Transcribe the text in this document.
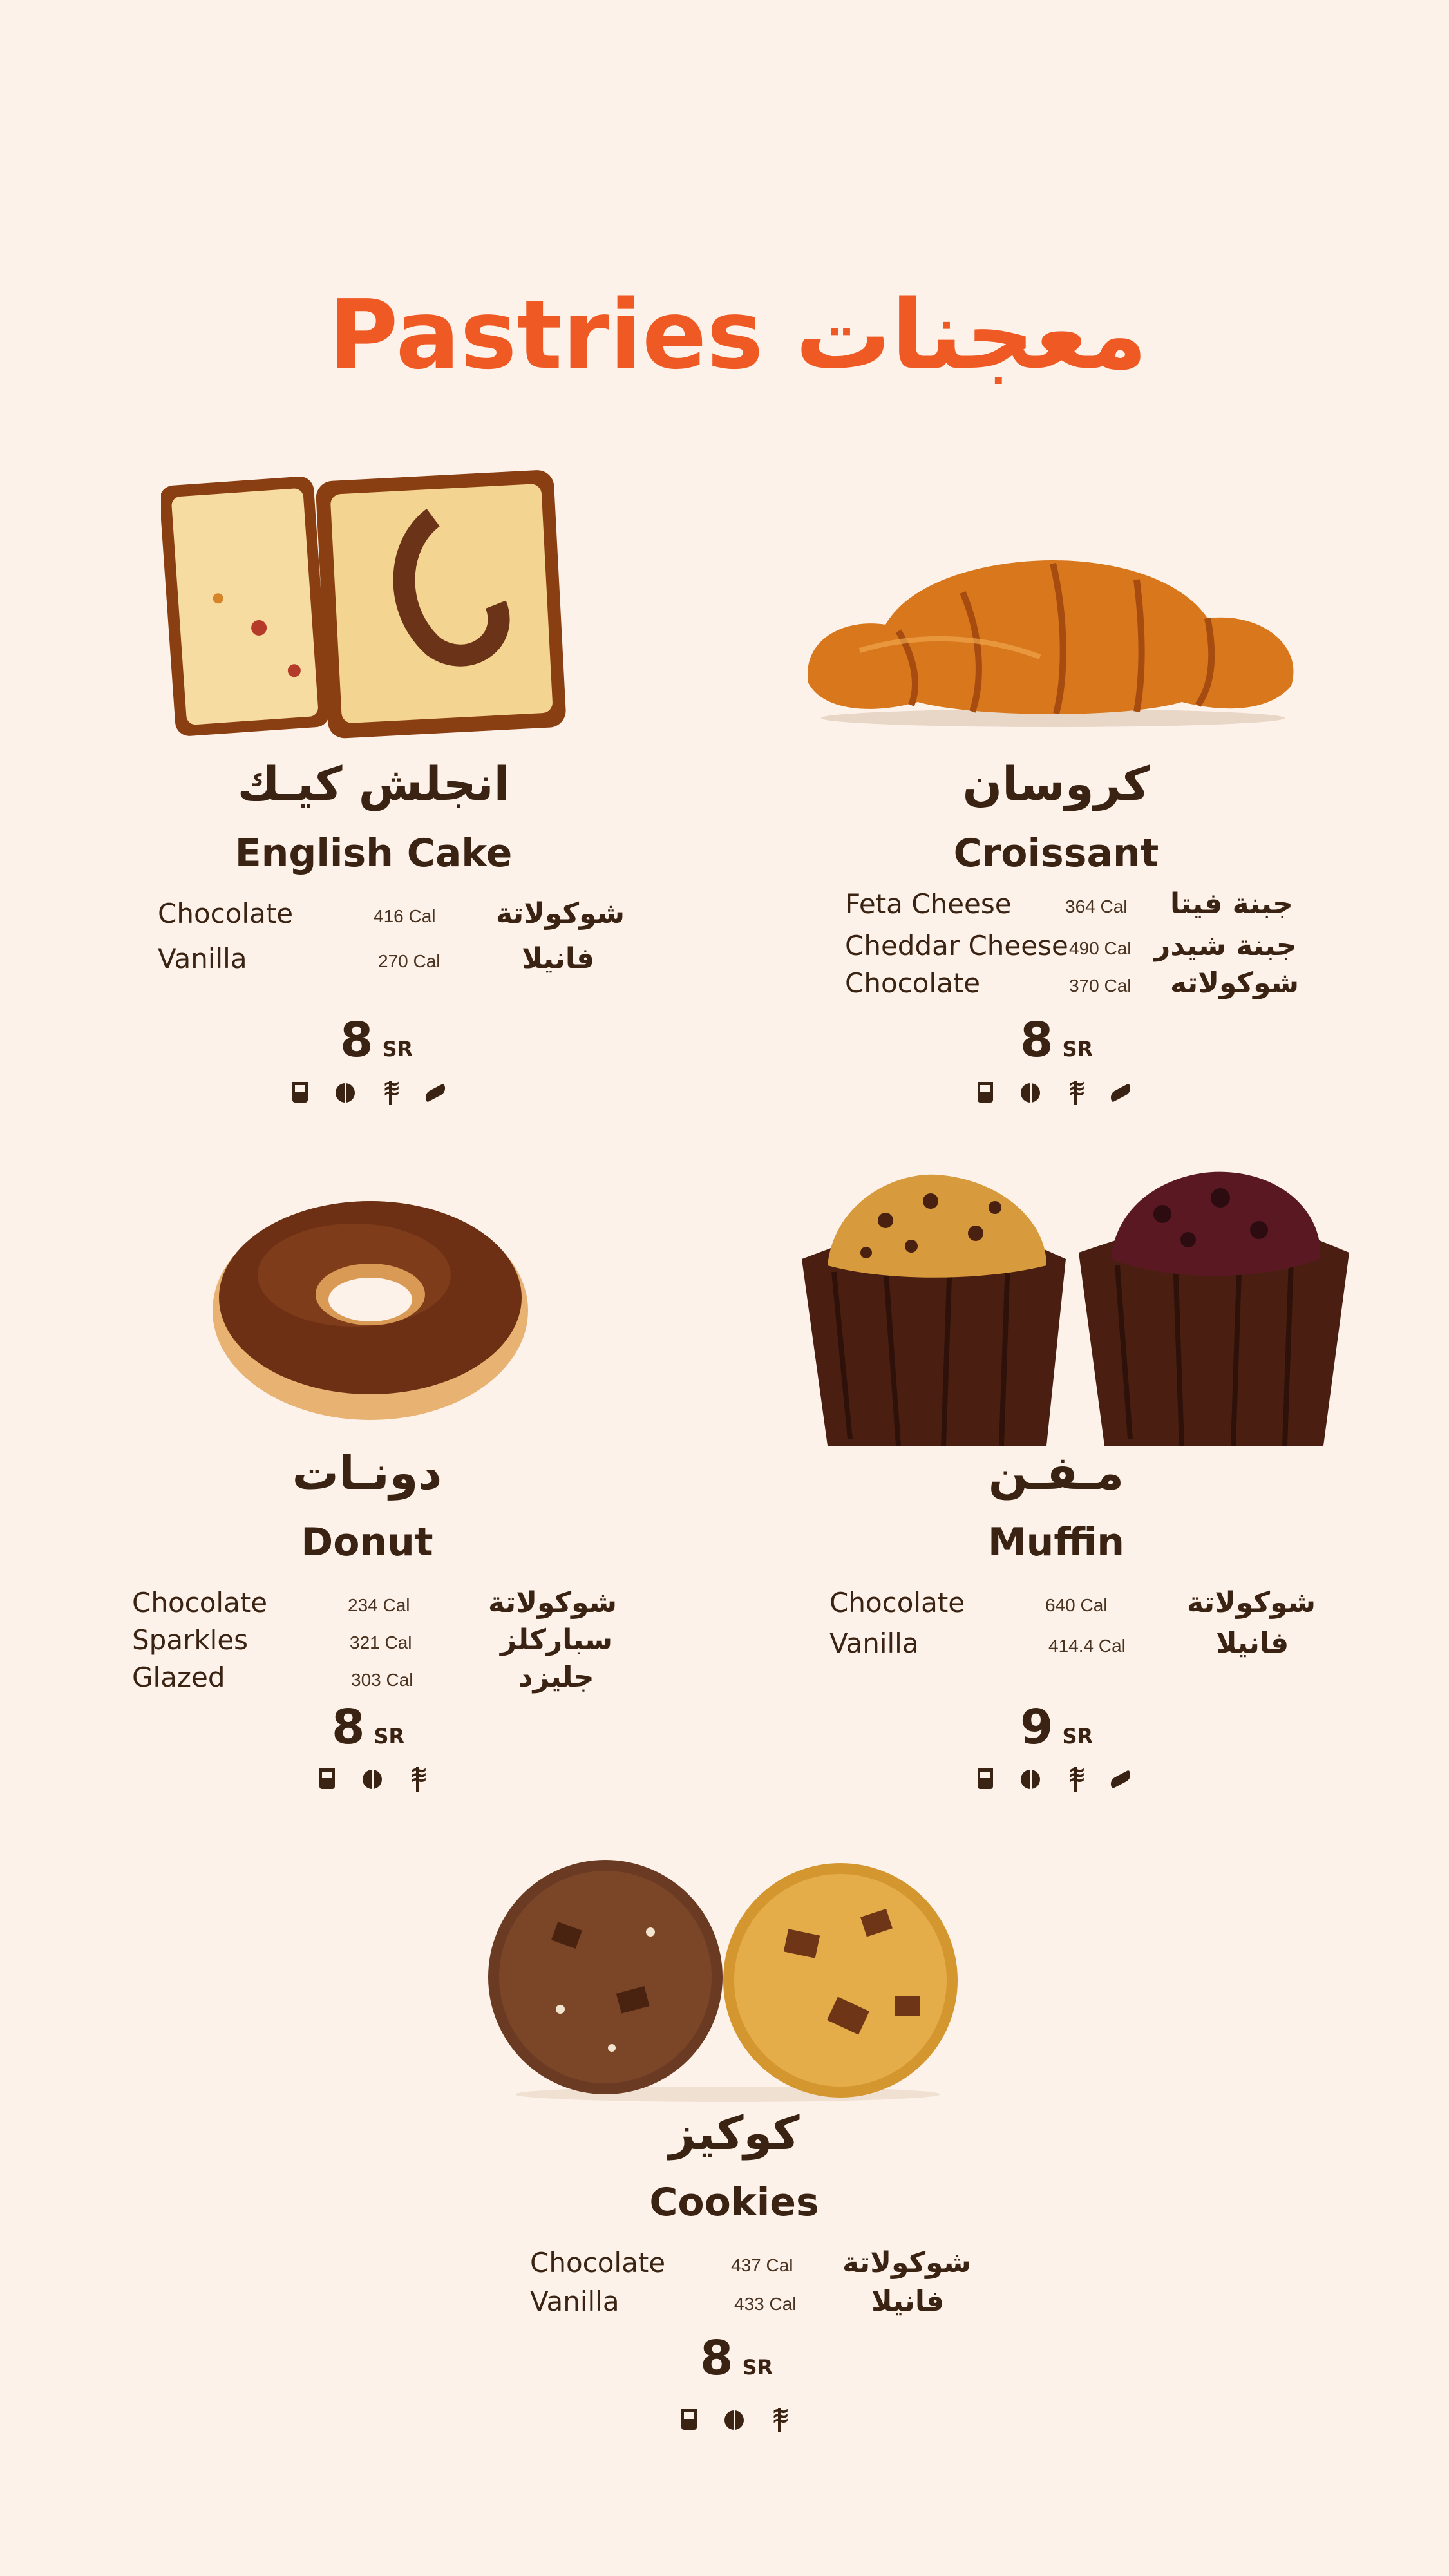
Pastries معجنات
انجلش كيـك
English Cake
Chocolate	416 Cal شوكولاتة
Vanilla	270 Cal	فانيلا
8 SR
≋
كروسان
Croissant
Feta Cheese	364 Cal جبنة فيتا
Cheddar Cheese 490 Cal جبنة شيدر
Chocolate	370 Cal شوكولاته
8 SR
≋
دونـات
Donut
Chocolate	234 Cal	شوكولاتة
Sparkles	321 Cal	سباركلز
Glazed	303 Cal	جليزد
8 SR
≋
مـفـن
Muffin
Chocolate	640 Cal	شوكولاتة
Vanilla	414.4 Cal	فانيلا
9 SR
≋
كوكيز
Cookies
Chocolate	437 Cal شوكولاتة
Vanilla	433 Cal	فانيلا
8 SR
≋
